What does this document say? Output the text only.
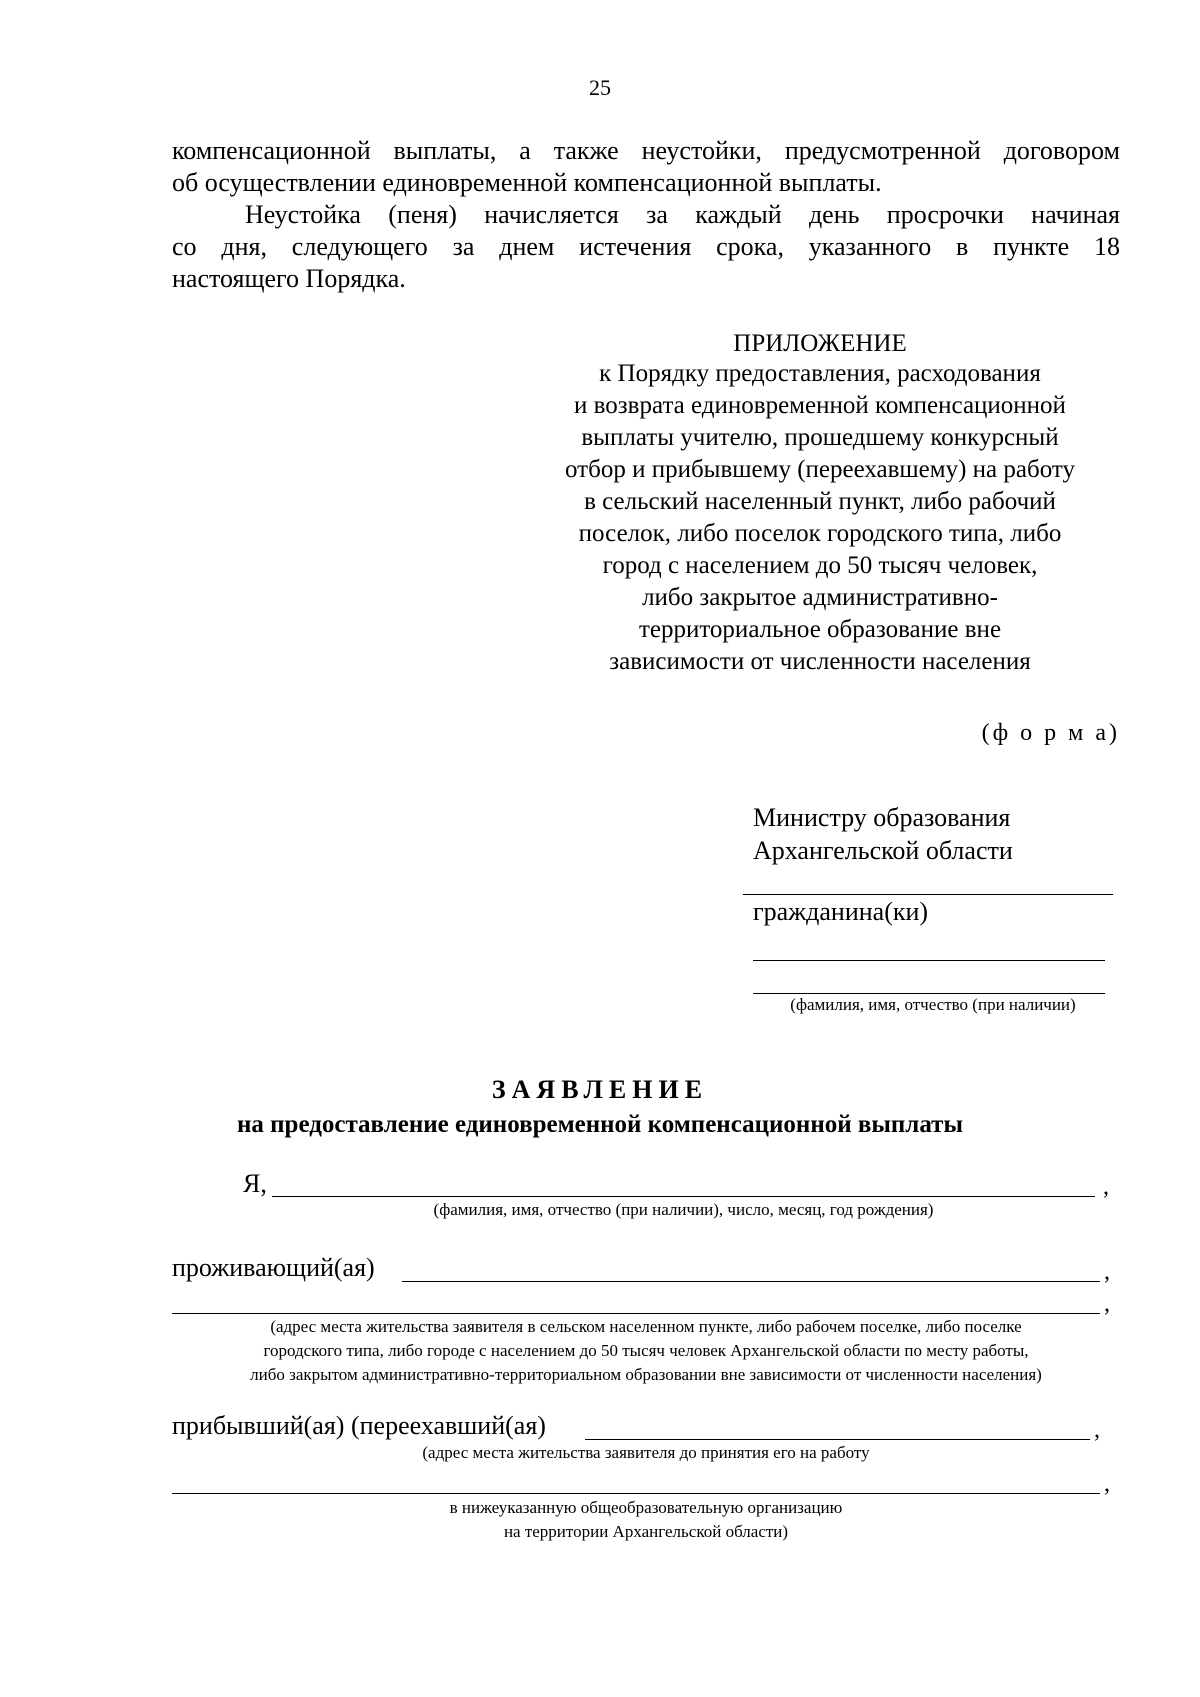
25
компенсационной выплаты, а также неустойки, предусмотренной договором
об осуществлении единовременной компенсационной выплаты.
Неустойка (пеня) начисляется за каждый день просрочки начиная
со дня, следующего за днем истечения срока, указанного в пункте 18
настоящего Порядка.
ПРИЛОЖЕНИЕ
к Порядку предоставления, расходования
и возврата единовременной компенсационной
выплаты учителю, прошедшему конкурсный
отбор и прибывшему (переехавшему) на работу
в сельский населенный пункт, либо рабочий
поселок, либо поселок городского типа, либо
город с населением до 50 тысяч человек,
либо закрытое административно-
территориальное образование вне
зависимости от численности населения
(ф о р м а)
Министру образования
Архангельской области
гражданина(ки)
(фамилия, имя, отчество (при наличии)
ЗАЯВЛЕНИЕ
на предоставление единовременной компенсационной выплаты
Я,	,
(фамилия, имя, отчество (при наличии), число, месяц, год рождения)
проживающий(ая)	,
,
(адрес места жительства заявителя в сельском населенном пункте, либо рабочем поселке, либо поселке
городского типа, либо городе с населением до 50 тысяч человек Архангельской области по месту работы,
либо закрытом административно-территориальном образовании вне зависимости от численности населения)
прибывший(ая) (переехавший(ая)	,
(адрес места жительства заявителя до принятия его на работу
,
в нижеуказанную общеобразовательную организацию
на территории Архангельской области)
